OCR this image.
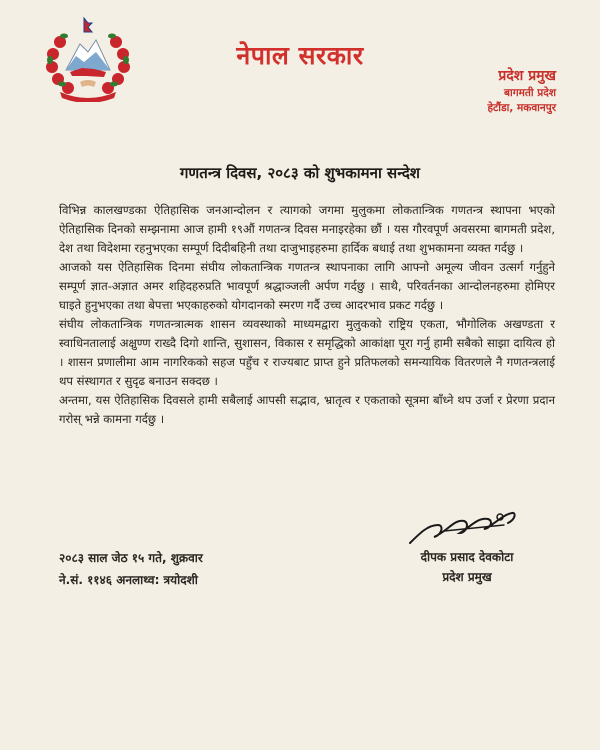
नेपाल सरकार
प्रदेश प्रमुख
बागमती प्रदेश
हेटौंडा, मकवानपुर
गणतन्त्र दिवस, २०८३ को शुभकामना सन्देश

विभिन्न कालखण्डका ऐतिहासिक जनआन्दोलन र त्यागको जगमा मुलुकमा लोकतान्त्रिक गणतन्त्र स्थापना भएको ऐतिहासिक दिनको सम्झनामा आज हामी १९औं गणतन्त्र दिवस मनाइरहेका छौं । यस गौरवपूर्ण अवसरमा बागमती प्रदेश, देश तथा विदेशमा रहनुभएका सम्पूर्ण दिदीबहिनी तथा दाजुभाइहरुमा हार्दिक बधाई तथा शुभकामना व्यक्त गर्दछु ।

आजको यस ऐतिहासिक दिनमा संघीय लोकतान्त्रिक गणतन्त्र स्थापनाका लागि आफ्नो अमूल्य जीवन उत्सर्ग गर्नुहुने सम्पूर्ण ज्ञात-अज्ञात अमर शहिदहरुप्रति भावपूर्ण श्रद्धाञ्जली अर्पण गर्दछु । साथै, परिवर्तनका आन्दोलनहरुमा होमिएर घाइते हुनुभएका तथा बेपत्ता भएकाहरुको योगदानको स्मरण गर्दै उच्च आदरभाव प्रकट गर्दछु ।

संघीय लोकतान्त्रिक गणतन्त्रात्मक शासन व्यवस्थाको माध्यमद्वारा मुलुकको राष्ट्रिय एकता, भौगोलिक अखण्डता र स्वाधिनतालाई अक्षुण्ण राख्दै दिगो शान्ति, सुशासन, विकास र समृद्धिको आकांक्षा पूरा गर्नु हामी सबैको साझा दायित्व हो । शासन प्रणालीमा आम नागरिकको सहज पहुँच र राज्यबाट प्राप्त हुने प्रतिफलको समन्यायिक वितरणले नै गणतन्त्रलाई थप संस्थागत र सुदृढ बनाउन सक्दछ ।

अन्तमा, यस ऐतिहासिक दिवसले हामी सबैलाई आपसी सद्भाव, भ्रातृत्व र एकताको सूत्रमा बाँध्ने थप उर्जा र प्रेरणा प्रदान गरोस् भन्ने कामना गर्दछु ।

दीपक प्रसाद देवकोटा
प्रदेश प्रमुख
२०८३ साल जेठ १५ गते, शुक्रवार
ने.सं. ११४६ अनलाथ्व: त्रयोदशी
